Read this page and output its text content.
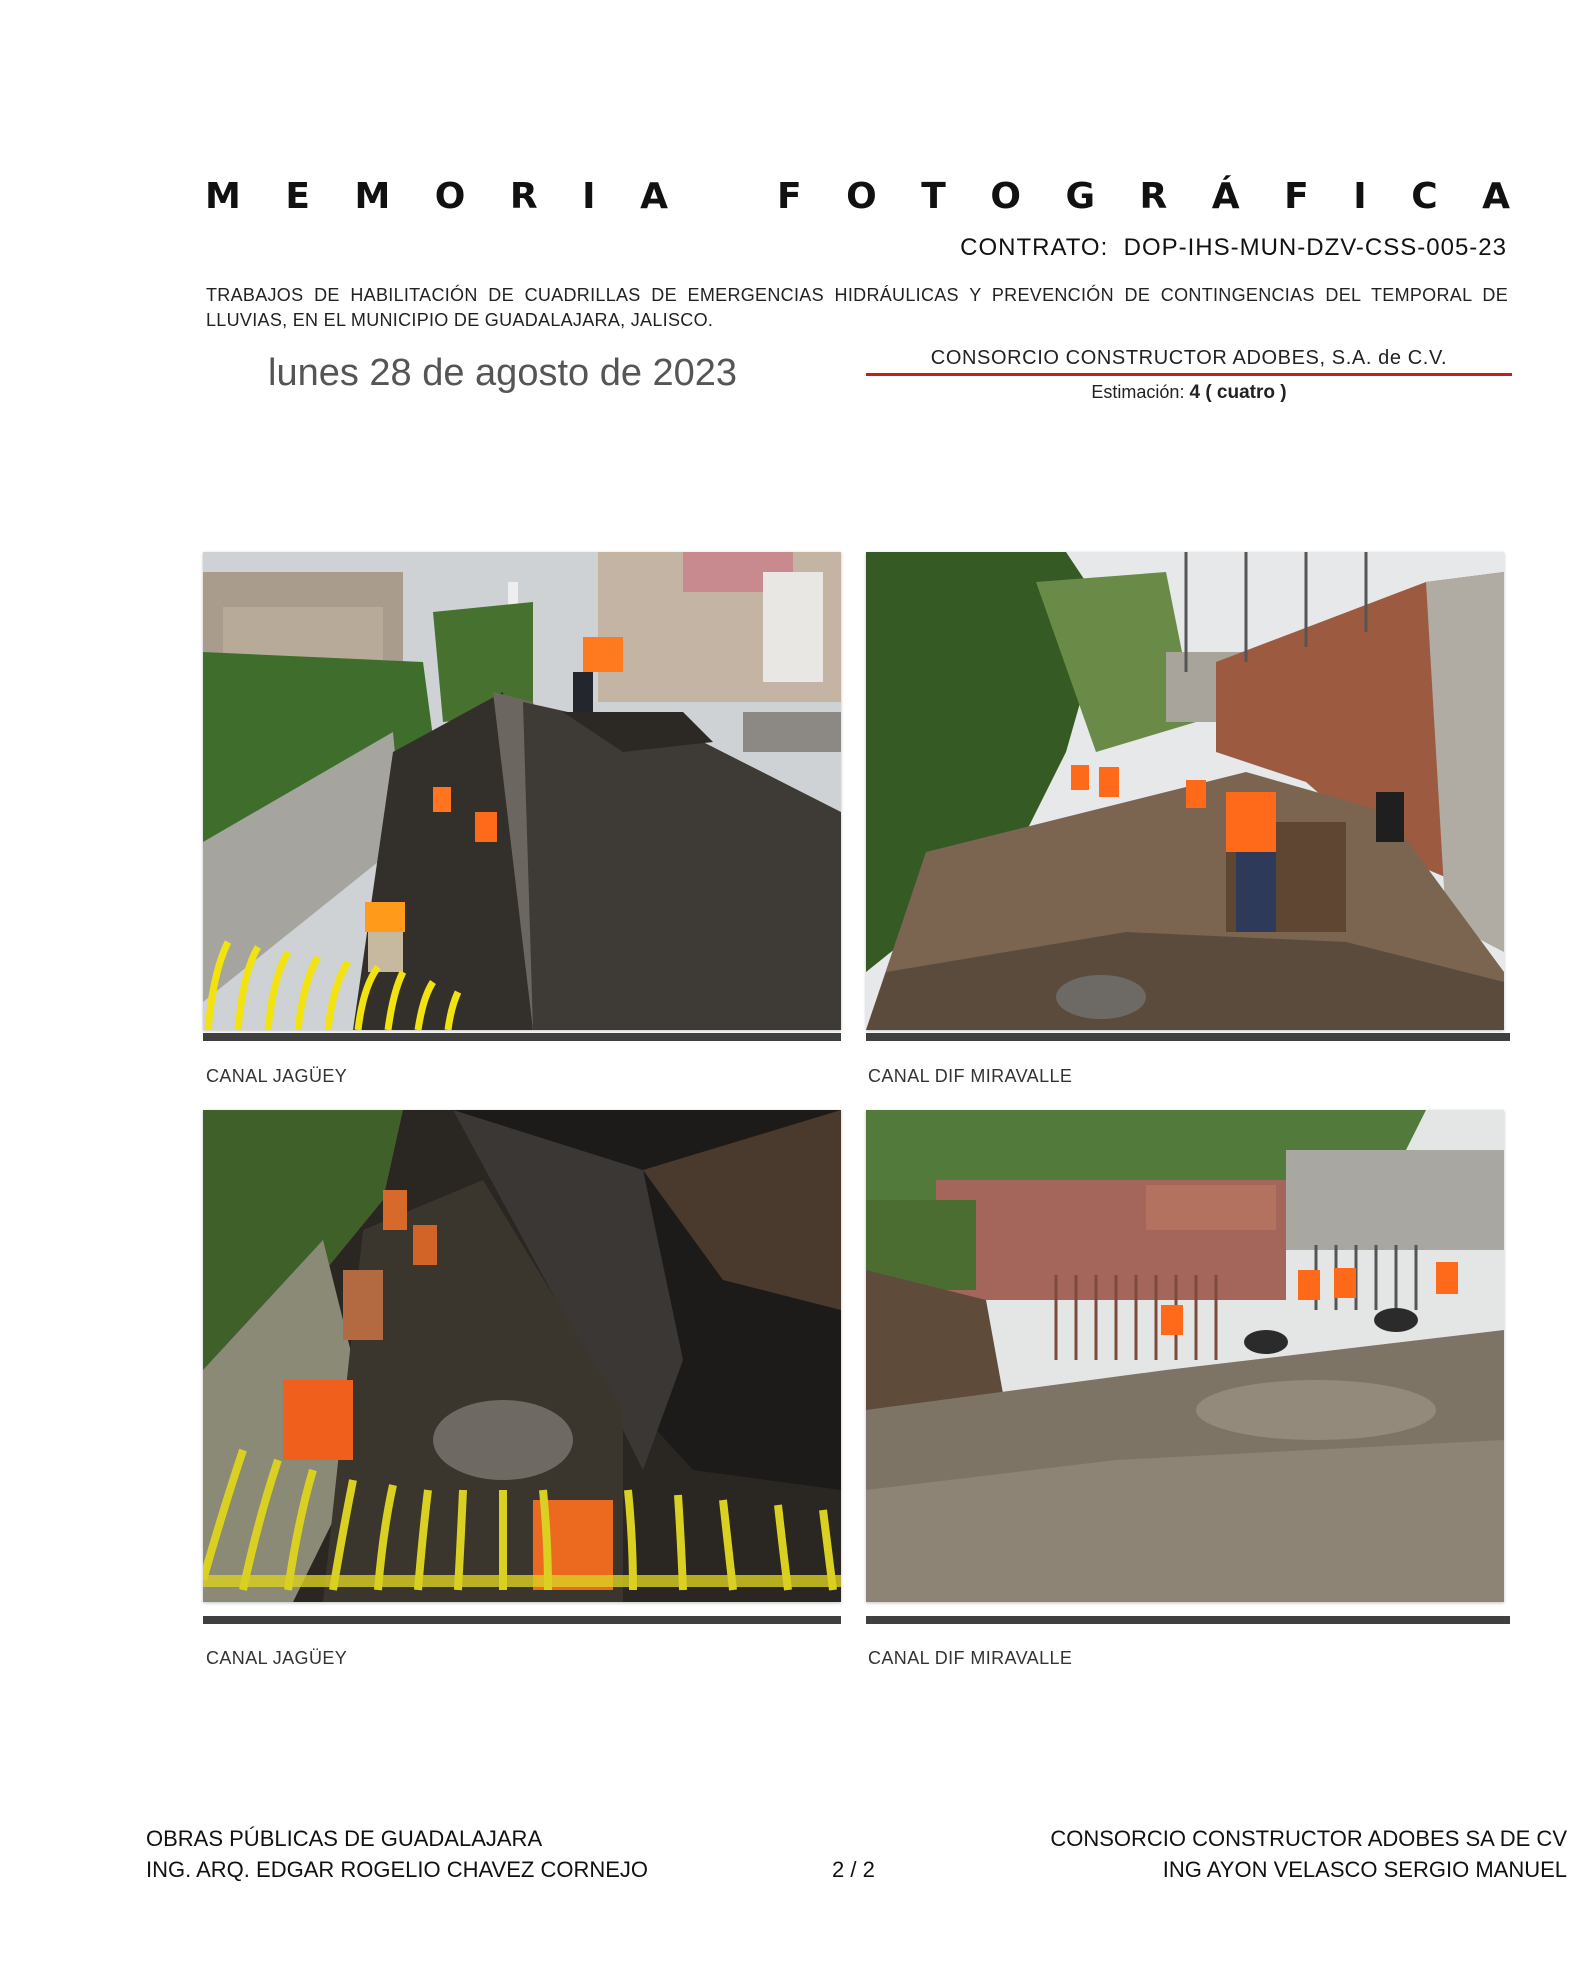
M E M O R I A	F O T O G R Á F I C A
CONTRATO: DOP-IHS-MUN-DZV-CSS-005-23
TRABAJOS DE HABILITACIÓN DE CUADRILLAS DE EMERGENCIAS HIDRÁULICAS Y PREVENCIÓN DE CONTINGENCIAS DEL TEMPORAL DE LLUVIAS, EN EL MUNICIPIO DE GUADALAJARA, JALISCO.
lunes 28 de agosto de 2023	CONSORCIO CONSTRUCTOR ADOBES, S.A. de C.V.
Estimación: 4 ( cuatro )
CANAL JAGÜEY	CANAL DIF MIRAVALLE
CANAL JAGÜEY	CANAL DIF MIRAVALLE
OBRAS PÚBLICAS DE GUADALAJARA
ING. ARQ. EDGAR ROGELIO CHAVEZ CORNEJO	2 / 2
CONSORCIO CONSTRUCTOR ADOBES SA DE CV
ING AYON VELASCO SERGIO MANUEL
